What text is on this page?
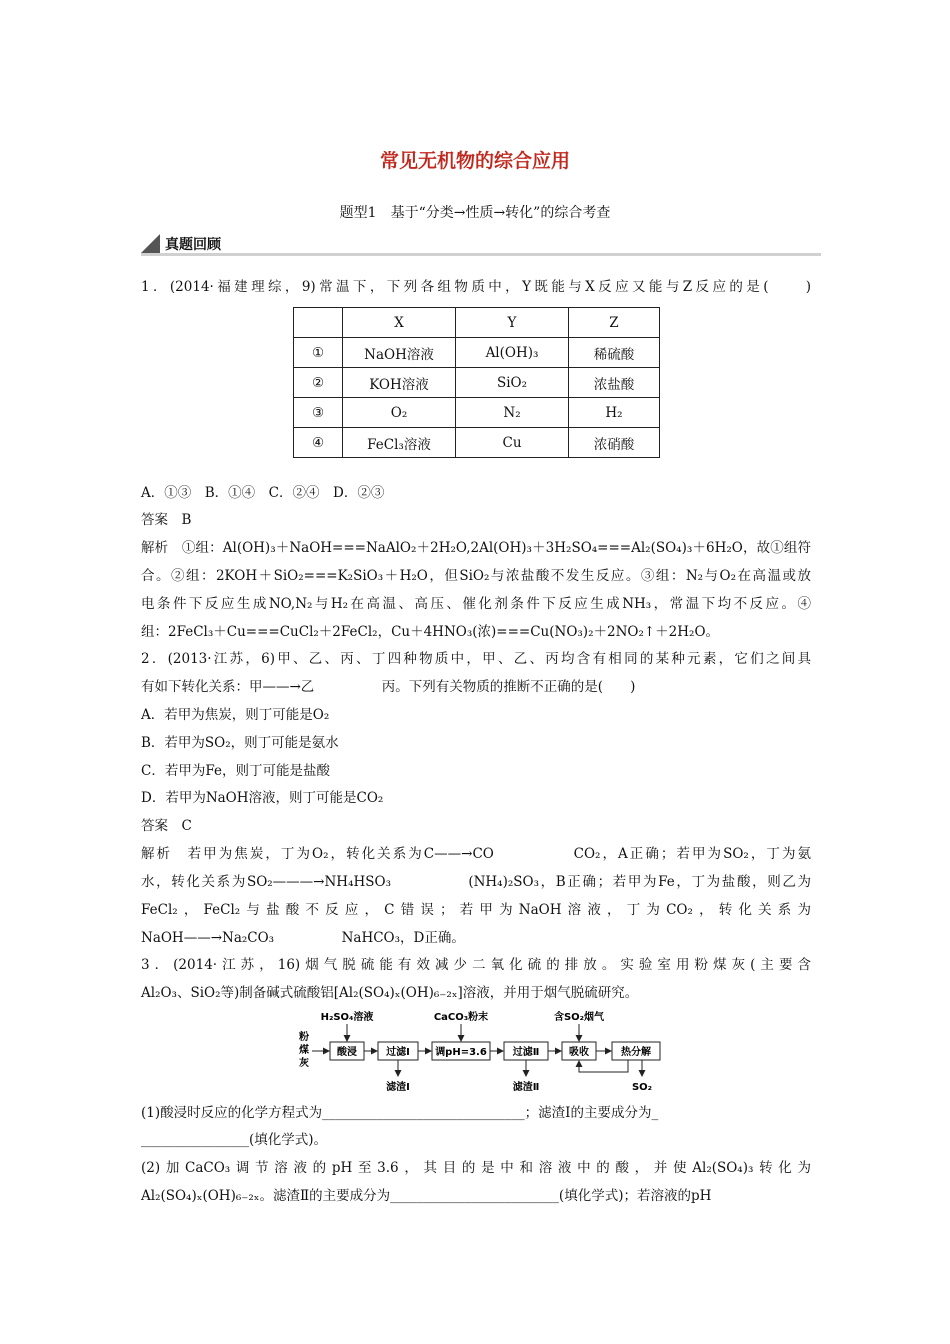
常见无机物的综合应用
题型1　基于“分类→性质→转化”的综合考查
真题回顾
1．(2014·福建理综，9)常温下，下列各组物质中，Y既能与X反应又能与Z反应的是(　　)
	X	Y	Z
①	NaOH溶液	Al(OH)₃	稀硫酸
②	KOH溶液	SiO₂	浓盐酸
③	O₂	N₂	H₂
④	FeCl₃溶液	Cu	浓硝酸
A．①③　B．①④　C．②④　D．②③
答案　B
解析　①组：Al(OH)₃＋NaOH===NaAlO₂＋2H₂O,2Al(OH)₃＋3H₂SO₄===Al₂(SO₄)₃＋6H₂O，故①组符
合。②组：2KOH＋SiO₂===K₂SiO₃＋H₂O，但SiO₂与浓盐酸不发生反应。③组：N₂与O₂在高温或放
电条件下反应生成NO,N₂与H₂在高温、高压、催化剂条件下反应生成NH₃，常温下均不反应。④
组：2FeCl₃＋Cu===CuCl₂＋2FeCl₂，Cu＋4HNO₃(浓)===Cu(NO₃)₂＋2NO₂↑＋2H₂O。
2．(2013·江苏，6)甲、乙、丙、丁四种物质中，甲、乙、丙均含有相同的某种元素，它们之间具
有如下转化关系：甲——→乙　　　　　丙。下列有关物质的推断不正确的是(　　)
A．若甲为焦炭，则丁可能是O₂
B．若甲为SO₂，则丁可能是氨水
C．若甲为Fe，则丁可能是盐酸
D．若甲为NaOH溶液，则丁可能是CO₂
答案　C
解析　若甲为焦炭，丁为O₂，转化关系为C——→CO　　　　　CO₂，A正确；若甲为SO₂，丁为氨
水，转化关系为SO₂———→NH₄HSO₃　　　　　(NH₄)₂SO₃，B正确；若甲为Fe，丁为盐酸，则乙为
FeCl₂，FeCl₂与盐酸不反应，C错误；若甲为NaOH溶液，丁为CO₂，转化关系为
NaOH——→Na₂CO₃　　　　　NaHCO₃，D正确。
3．(2014·江苏，16)烟气脱硫能有效减少二氧化硫的排放。实验室用粉煤灰(主要含
Al₂O₃、SiO₂等)制备碱式硫酸铝[Al₂(SO₄)ₓ(OH)₆₋₂ₓ]溶液，并用于烟气脱硫研究。
粉
煤
灰
酸浸	过滤Ⅰ	调pH=3.6	过滤Ⅱ	吸收	热分解
H₂SO₄溶液	CaCO₃粉末	含SO₂烟气
滤渣Ⅰ	滤渣Ⅱ	SO₂
(1)酸浸时反应的化学方程式为______________________________；滤渣Ⅰ的主要成分为_
________________(填化学式)。
(2)加CaCO₃调节溶液的pH至3.6，其目的是中和溶液中的酸，并使Al₂(SO₄)₃转化为
Al₂(SO₄)ₓ(OH)₆₋₂ₓ。滤渣Ⅱ的主要成分为_________________________(填化学式)；若溶液的pH
